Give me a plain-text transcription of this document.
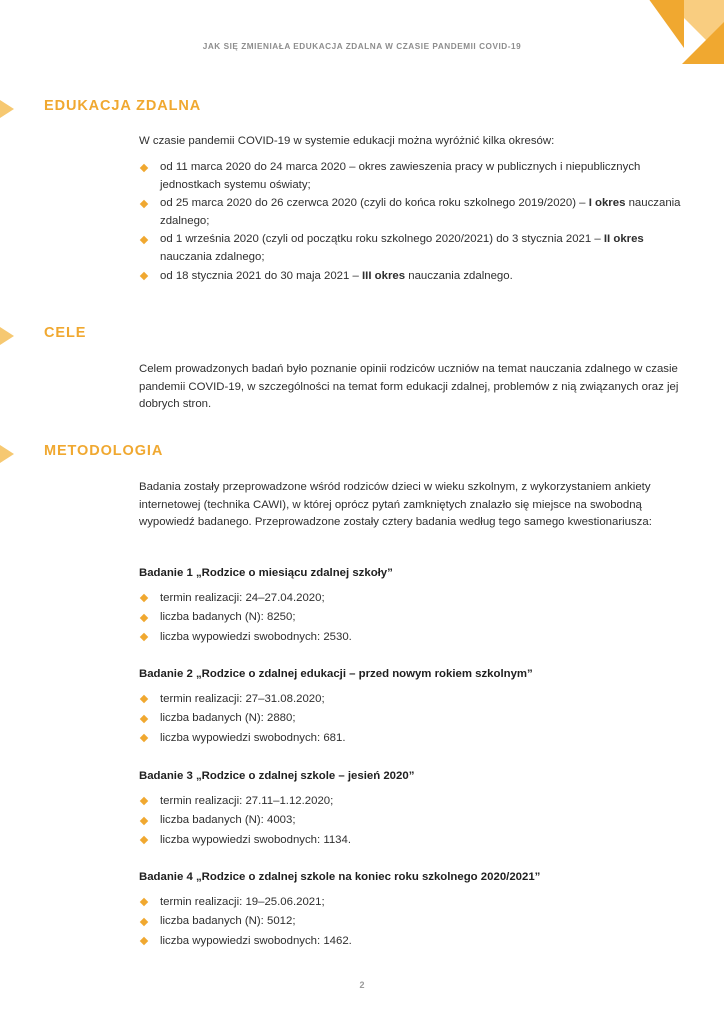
JAK SIĘ ZMIENIAŁA EDUKACJA ZDALNA W CZASIE PANDEMII COVID-19
EDUKACJA ZDALNA
W czasie pandemii COVID-19 w systemie edukacji można wyróżnić kilka okresów:
od 11 marca 2020 do 24 marca 2020 – okres zawieszenia pracy w publicznych i niepublicznych jednostkach systemu oświaty;
od 25 marca 2020 do 26 czerwca 2020 (czyli do końca roku szkolnego 2019/2020) – I okres nauczania zdalnego;
od 1 września 2020 (czyli od początku roku szkolnego 2020/2021) do 3 stycznia 2021 – II okres nauczania zdalnego;
od 18 stycznia 2021 do 30 maja 2021 – III okres nauczania zdalnego.
CELE
Celem prowadzonych badań było poznanie opinii rodziców uczniów na temat nauczania zdalnego w czasie pandemii COVID-19, w szczególności na temat form edukacji zdalnej, problemów z nią związanych oraz jej dobrych stron.
METODOLOGIA
Badania zostały przeprowadzone wśród rodziców dzieci w wieku szkolnym, z wykorzystaniem ankiety internetowej (technika CAWI), w której oprócz pytań zamkniętych znalazło się miejsce na swobodną wypowiedź badanego. Przeprowadzone zostały cztery badania według tego samego kwestionariusza:
Badanie 1 „Rodzice o miesiącu zdalnej szkoły”
termin realizacji: 24–27.04.2020;
liczba badanych (N): 8250;
liczba wypowiedzi swobodnych: 2530.
Badanie 2 „Rodzice o zdalnej edukacji – przed nowym rokiem szkolnym”
termin realizacji: 27–31.08.2020;
liczba badanych (N): 2880;
liczba wypowiedzi swobodnych: 681.
Badanie 3 „Rodzice o zdalnej szkole – jesień 2020”
termin realizacji: 27.11–1.12.2020;
liczba badanych (N): 4003;
liczba wypowiedzi swobodnych: 1134.
Badanie 4 „Rodzice o zdalnej szkole na koniec roku szkolnego 2020/2021”
termin realizacji: 19–25.06.2021;
liczba badanych (N): 5012;
liczba wypowiedzi swobodnych: 1462.
2
